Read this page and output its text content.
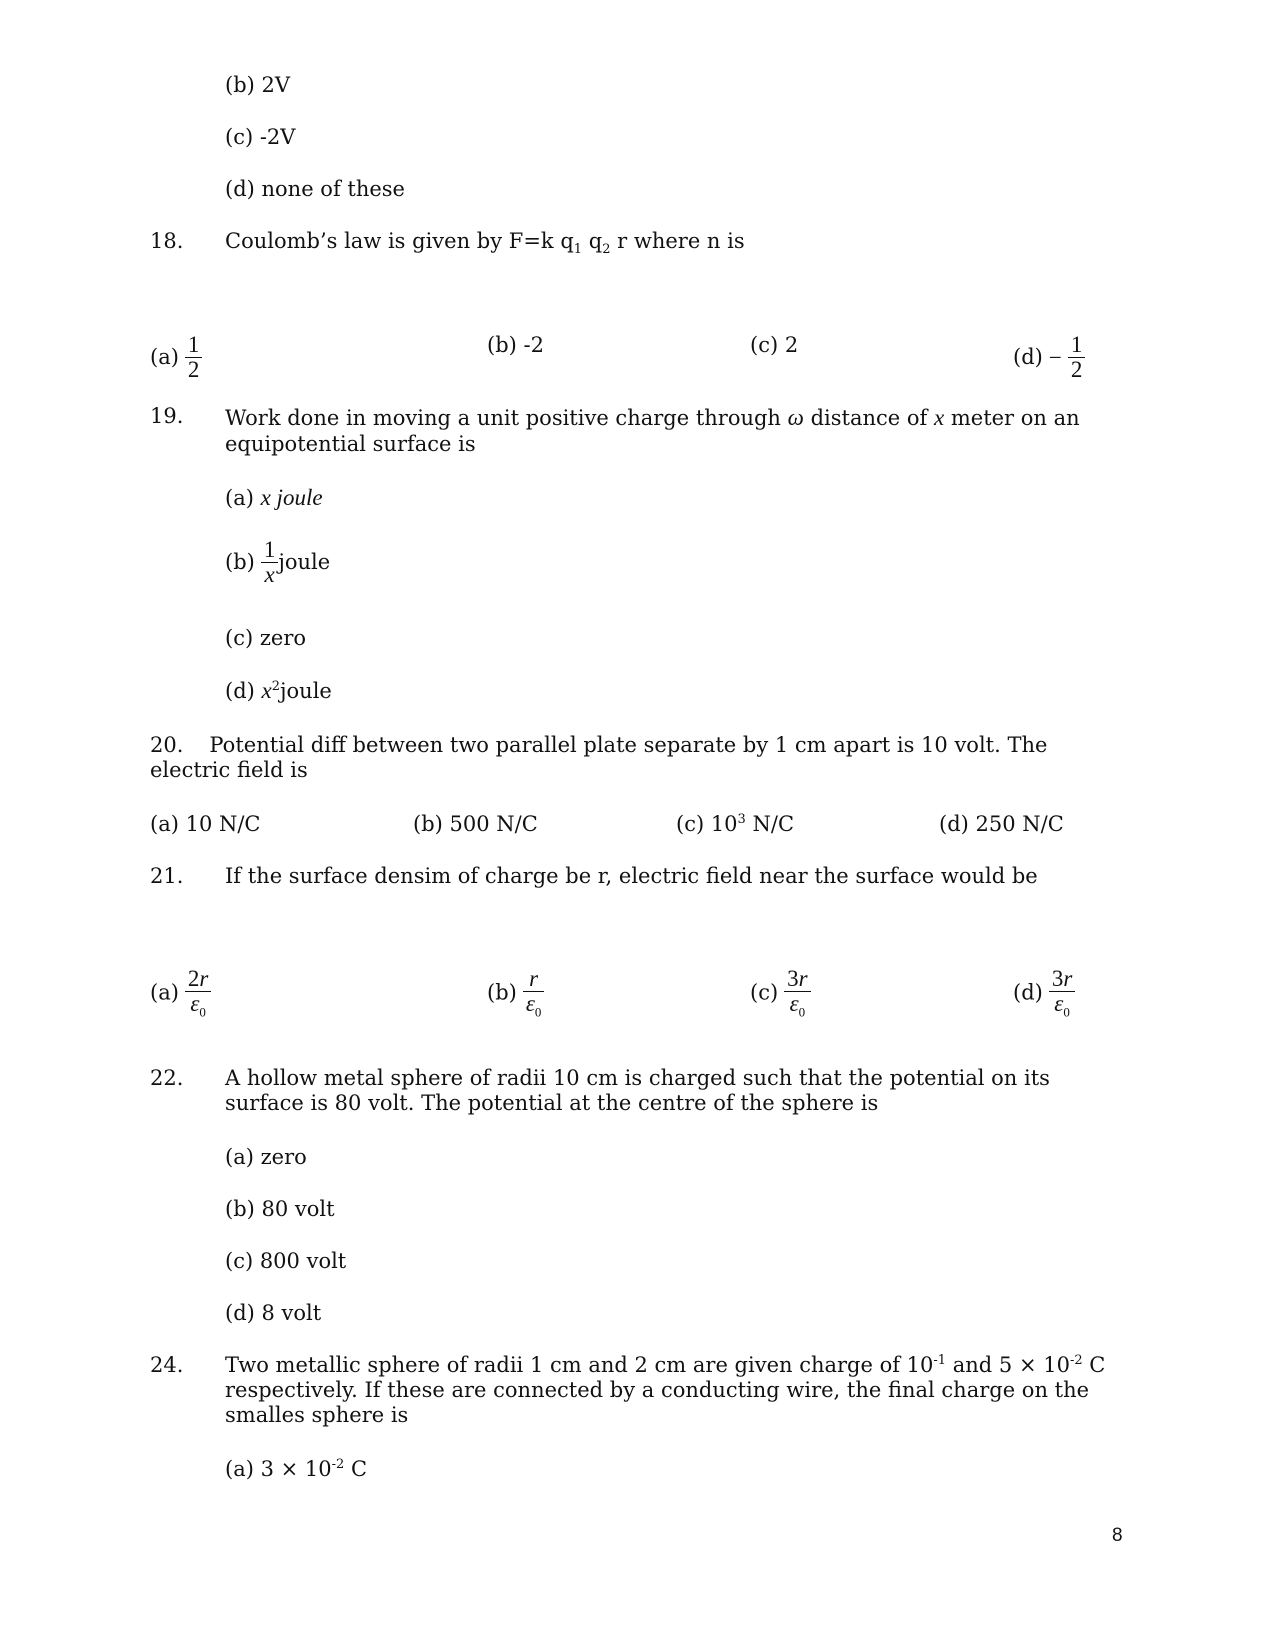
(b) 2V
(c) -2V
(d) none of these
18. Coulomb’s law is given by F=k $q_1$ $q_2$ r where n is
$(a) \frac{1}{2}$	(b) -2	(c) 2
$(d) - \frac{1}{2}$
19. Work done in moving a unit positive charge through ω distance of x meter on an equipotential surface is
(a) x joule
$(b) \frac{1}{x}$ joule
(c) zero
(d) $x^2joule$
20. Potential diff between two parallel plate separate by 1 cm apart is 10 volt. The
electric field is
(a) 10 N/C	(b) 500 N/C	(c) $10^3$ N/C	(d) 250 N/C
21. If the surface densim of charge be r, electric field near the surface would be
$(a) \frac{2r}{\varepsilon_0}$	$(b) \frac{r}{\varepsilon_0}$	$(c) \frac{3r}{\varepsilon_0}$	$(d) \frac{3r}{\varepsilon_0}$
22. A hollow metal sphere of radii 10 cm is charged such that the potential on its surface is 80 volt. The potential at the centre of the sphere is
(a) zero
(b) 80 volt
(c) 800 volt
(d) 8 volt
24. Two metallic sphere of radii 1 cm and 2 cm are given charge of $10^{-1}$ and $5 \times 10^{-2}$ C respectively. If these are connected by a conducting wire, the final charge on the smalles sphere is
(a) $3 \times 10^{-2}$ C
8
